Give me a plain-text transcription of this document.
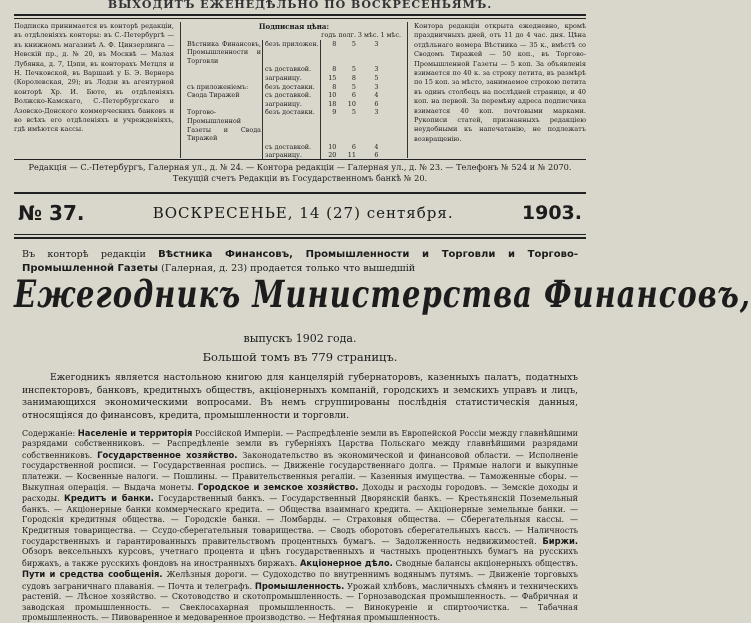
ВЫХОДИТЪ ЕЖЕНЕДѢЛЬНО ПО ВОСКРЕСЕНЬЯМЪ.
Подписка принимается въ конторѣ редакціи, въ отдѣленіяхъ конторы: въ С.-Петербургѣ — въ книжномъ магазинѣ А. Ф. Цинзерлинга — Невскій пр., д. № 20, въ Москвѣ — Малая Лубянка, д. 7, Цэпи, въ конторахъ Метцля и Н. Печковской, въ Варшавѣ у Б. Э. Вернера (Королевская, 29); въ Лодзи въ агентурной конторѣ Хр. И. Бюте, въ отдѣленіяхъ Волжско-Камскаго, С.-Петербургскаго и Азовско-Донского коммерческихъ банковъ и во всѣхъ его отдѣленіяхъ и учрежденіяхъ, гдѣ имѣются кассы.
Подписная цѣна:
		годъ	полг.	3 мѣс.	1 мѣс.
Вѣстника Финансовъ, Промышленности и Торговли	безъ приложен.	8	5	3	
	съ доставкой.	8	5	3	
	заграницу.	15	8	5	
съ приложеніемъ:	безъ доставки.	8	5	3	
Свода Тиражей	съ доставкой.	10	6	4	
	заграницу.	18	10	6	
Торгово-Промышленной Газеты и Свода Тиражей	безъ доставки.	9	5	3	
	съ доставкой.	10	6	4	
	заграницу.	20	11	6	
Контора редакціи открыта ежедневно, кромѣ праздничныхъ дней, отъ 11 до 4 час. дня. Цѣна отдѣльнаго номера Вѣстника — 35 к., вмѣстѣ со Сводомъ Тиражей — 50 коп., въ Торгово-Промышленной Газеты — 5 коп. За объявленія взимается по 40 к. за строку петита, въ размѣрѣ по 15 коп. за мѣсто, занимаемое строкою петита въ одинъ столбецъ на послѣдней странице, и 40 коп. на первой. За перемѣну адреса подписчика взимается 40 коп. почтовыми марками. Рукописи статей, признанныхъ редакціею неудобными къ напечатанію, не подлежатъ возвращенію.
Редакція — С.-Петербургъ, Галерная ул., д. № 24. — Контора редакціи — Галерная ул., д. № 23. — Телефонъ № 524 и № 2070.
Текущій счетъ Редакціи въ Государственномъ банкѣ № 20.
№ 37.	ВОСКРЕСЕНЬЕ, 14 (27) сентября.	1903.
Въ конторѣ редакціи Вѣстника Финансовъ, Промышленности и Торговли и Торгово-Промышленной Газеты (Галерная, д. 23) продается только что вышедшій
Ежегодникъ Министерства Финансовъ,
выпускъ 1902 года.
Большой томъ въ 779 страницъ.
Ежегодникъ является настольною книгою для канцелярій губернаторовъ, казенныхъ палатъ, податныхъ инспекторовъ, банковъ, кредитныхъ обществъ, акціонерныхъ компаній, городскихъ и земскихъ управъ и лицъ, занимающихся экономическими вопросами. Въ немъ сгруппированы послѣднія статистическія данныя, относящіяся до финансовъ, кредита, промышленности и торговли.
Содержаніе: Населеніе и территорія Россійской Имперіи. — Распредѣленіе земли въ Европейской Россіи между главнѣйшими разрядами собственниковъ. — Распредѣленіе земли въ губерніяхъ Царства Польскаго между главнѣйшими разрядами собственниковъ. Государственное хозяйство. Законодательство въ экономической и финансовой области. — Исполненіе государственной росписи. — Государственная роспись. — Движеніе государственнаго долга. — Прямые налоги и выкупные платежи. — Косвенные налоги. — Пошлины. — Правительственныя регаліи. — Казенныя имущества. — Таможенные сборы. — Выкупная операція. — Выдача монеты. Городское и земское хозяйство. Доходы и расходы городовъ. — Земскіе доходы и расходы. Кредитъ и банки. Государственный банкъ. — Государственный Дворянскій банкъ. — Крестьянскій Поземельный банкъ. — Акціонерные банки коммерческаго кредита. — Общества взаимнаго кредита. — Акціонерные земельные банки. — Городскія кредитныя общества. — Городскіе банки. — Ломбарды. — Страховыя общества. — Сберегательныя кассы. — Кредитныя товарищества. — Ссудо-сберегательныя товарищества. — Сводъ оборотовъ сберегательныхъ кассъ. — Наличность государственныхъ и гарантированныхъ правительствомъ процентныхъ бумагъ. — Задолженность недвижимостей. Биржи. Обзоръ вексельныхъ курсовъ, учетнаго процента и цѣнъ государственныхъ и частныхъ процентныхъ бумагъ на русскихъ биржахъ, а также русскихъ фондовъ на иностранныхъ биржахъ. Акціонерное дѣло. Сводные балансы акціонерныхъ обществъ. Пути и средства сообщенія. Желѣзныя дороги. — Судоходство по внутреннимъ водянымъ путямъ. — Движеніе торговыхъ судовъ заграничнаго плаванія. — Почта и телеграфъ. Промышленность. Урожай хлѣбовъ, масличныхъ сѣмянъ и техническихъ растеній. — Лѣсное хозяйство. — Скотоводство и скотопромышленность. — Горнозаводская промышленность. — Фабричная и заводская промышленность. — Свеклосахарная промышленность. — Винокуреніе и спиртоочистка. — Табачная промышленность. — Пивоваренное и медоваренное производство. — Нефтяная промышленность.
